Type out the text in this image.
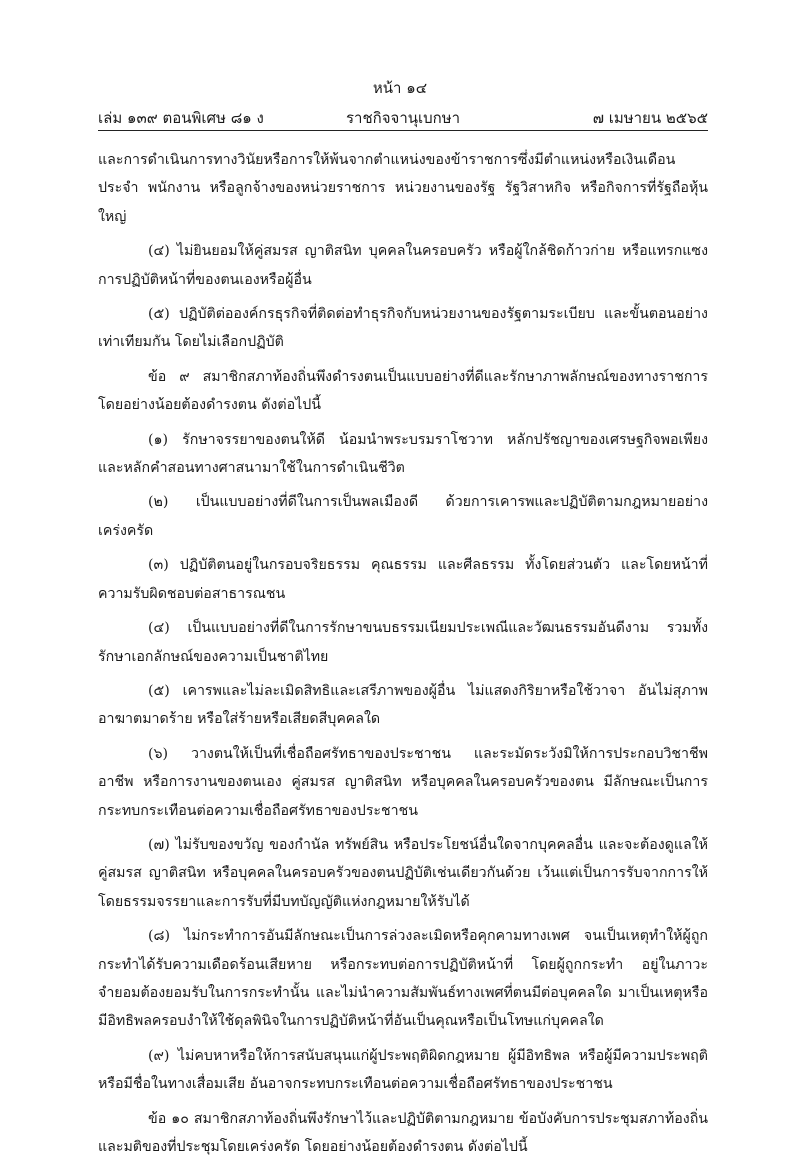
หน้า ๑๔
เล่ม ๑๓๙ ตอนพิเศษ ๘๑ ง	ราชกิจจานุเบกษา	๗ เมษายน ๒๕๖๕

และการดำเนินการทางวินัยหรือการให้พ้นจากตำแหน่งของข้าราชการซึ่งมีตำแหน่งหรือเงินเดือนประจำ พนักงาน หรือลูกจ้างของหน่วยราชการ หน่วยงานของรัฐ รัฐวิสาหกิจ หรือกิจการที่รัฐถือหุ้นใหญ่

(๔) ไม่ยินยอมให้คู่สมรส ญาติสนิท บุคคลในครอบครัว หรือผู้ใกล้ชิดก้าวก่าย หรือแทรกแซงการปฏิบัติหน้าที่ของตนเองหรือผู้อื่น

(๕) ปฏิบัติต่อองค์กรธุรกิจที่ติดต่อทำธุรกิจกับหน่วยงานของรัฐตามระเบียบ และขั้นตอนอย่างเท่าเทียมกัน โดยไม่เลือกปฏิบัติ

ข้อ ๙ สมาชิกสภาท้องถิ่นพึงดำรงตนเป็นแบบอย่างที่ดีและรักษาภาพลักษณ์ของทางราชการ โดยอย่างน้อยต้องดำรงตน ดังต่อไปนี้

(๑) รักษาจรรยาของตนให้ดี น้อมนำพระบรมราโชวาท หลักปรัชญาของเศรษฐกิจพอเพียง และหลักคำสอนทางศาสนามาใช้ในการดำเนินชีวิต

(๒) เป็นแบบอย่างที่ดีในการเป็นพลเมืองดี ด้วยการเคารพและปฏิบัติตามกฎหมายอย่างเคร่งครัด

(๓) ปฏิบัติตนอยู่ในกรอบจริยธรรม คุณธรรม และศีลธรรม ทั้งโดยส่วนตัว และโดยหน้าที่ความรับผิดชอบต่อสาธารณชน

(๔) เป็นแบบอย่างที่ดีในการรักษาขนบธรรมเนียมประเพณีและวัฒนธรรมอันดีงาม รวมทั้งรักษาเอกลักษณ์ของความเป็นชาติไทย

(๕) เคารพและไม่ละเมิดสิทธิและเสรีภาพของผู้อื่น ไม่แสดงกิริยาหรือใช้วาจา อันไม่สุภาพอาฆาตมาดร้าย หรือใส่ร้ายหรือเสียดสีบุคคลใด

(๖) วางตนให้เป็นที่เชื่อถือศรัทธาของประชาชน และระมัดระวังมิให้การประกอบวิชาชีพ อาชีพ หรือการงานของตนเอง คู่สมรส ญาติสนิท หรือบุคคลในครอบครัวของตน มีลักษณะเป็นการกระทบกระเทือนต่อความเชื่อถือศรัทธาของประชาชน

(๗) ไม่รับของขวัญ ของกำนัล ทรัพย์สิน หรือประโยชน์อื่นใดจากบุคคลอื่น และจะต้องดูแลให้คู่สมรส ญาติสนิท หรือบุคคลในครอบครัวของตนปฏิบัติเช่นเดียวกันด้วย เว้นแต่เป็นการรับจากการให้โดยธรรมจรรยาและการรับที่มีบทบัญญัติแห่งกฎหมายให้รับได้

(๘) ไม่กระทำการอันมีลักษณะเป็นการล่วงละเมิดหรือคุกคามทางเพศ จนเป็นเหตุทำให้ผู้ถูกกระทำได้รับความเดือดร้อนเสียหาย หรือกระทบต่อการปฏิบัติหน้าที่ โดยผู้ถูกกระทำ อยู่ในภาวะจำยอมต้องยอมรับในการกระทำนั้น และไม่นำความสัมพันธ์ทางเพศที่ตนมีต่อบุคคลใด มาเป็นเหตุหรือมีอิทธิพลครอบงำให้ใช้ดุลพินิจในการปฏิบัติหน้าที่อันเป็นคุณหรือเป็นโทษแก่บุคคลใด

(๙) ไม่คบหาหรือให้การสนับสนุนแก่ผู้ประพฤติผิดกฎหมาย ผู้มีอิทธิพล หรือผู้มีความประพฤติหรือมีชื่อในทางเสื่อมเสีย อันอาจกระทบกระเทือนต่อความเชื่อถือศรัทธาของประชาชน

ข้อ ๑๐ สมาชิกสภาท้องถิ่นพึงรักษาไว้และปฏิบัติตามกฎหมาย ข้อบังคับการประชุมสภาท้องถิ่นและมติของที่ประชุมโดยเคร่งครัด โดยอย่างน้อยต้องดำรงตน ดังต่อไปนี้
